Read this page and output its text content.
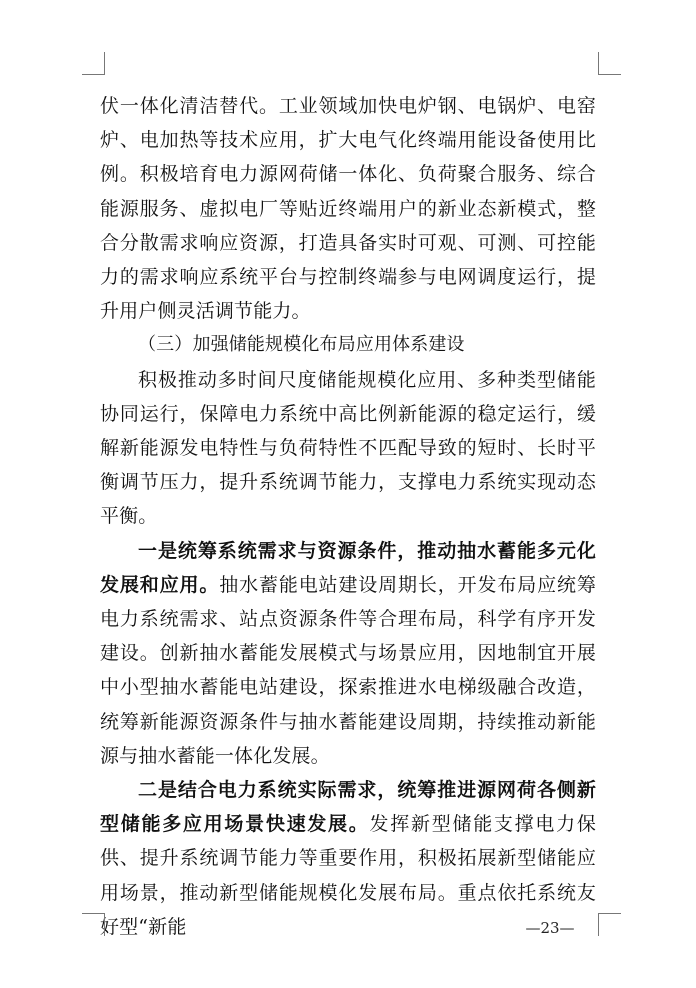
伏一体化清洁替代。工业领域加快电炉钢、电锅炉、电窑炉、电加热等技术应用，扩大电气化终端用能设备使用比例。积极培育电力源网荷储一体化、负荷聚合服务、综合能源服务、虚拟电厂等贴近终端用户的新业态新模式，整合分散需求响应资源，打造具备实时可观、可测、可控能力的需求响应系统平台与控制终端参与电网调度运行，提升用户侧灵活调节能力。

（三）加强储能规模化布局应用体系建设

积极推动多时间尺度储能规模化应用、多种类型储能协同运行，保障电力系统中高比例新能源的稳定运行，缓解新能源发电特性与负荷特性不匹配导致的短时、长时平衡调节压力，提升系统调节能力，支撑电力系统实现动态平衡。

一是统筹系统需求与资源条件，推动抽水蓄能多元化发展和应用。抽水蓄能电站建设周期长，开发布局应统筹电力系统需求、站点资源条件等合理布局，科学有序开发建设。创新抽水蓄能发展模式与场景应用，因地制宜开展中小型抽水蓄能电站建设，探索推进水电梯级融合改造，统筹新能源资源条件与抽水蓄能建设周期，持续推动新能源与抽水蓄能一体化发展。

二是结合电力系统实际需求，统筹推进源网荷各侧新型储能多应用场景快速发展。发挥新型储能支撑电力保供、提升系统调节能力等重要作用，积极拓展新型储能应用场景，推动新型储能规模化发展布局。重点依托系统友好型“新能	—23—
